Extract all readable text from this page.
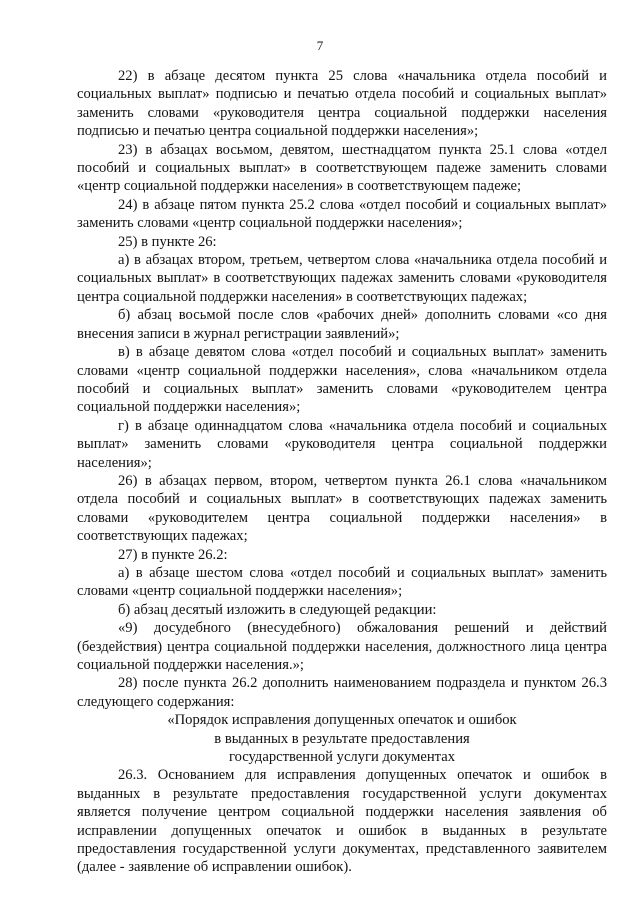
7

22) в абзаце десятом пункта 25 слова «начальника отдела пособий и социальных выплат» подписью и печатью отдела пособий и социальных выплат» заменить словами «руководителя центра социальной поддержки населения подписью и печатью центра социальной поддержки населения»;

23) в абзацах восьмом, девятом, шестнадцатом пункта 25.1 слова «отдел пособий и социальных выплат» в соответствующем падеже заменить словами «центр социальной поддержки населения» в соответствующем падеже;

24) в абзаце пятом пункта 25.2 слова «отдел пособий и социальных выплат» заменить словами «центр социальной поддержки населения»;

25) в пункте 26:

а) в абзацах втором, третьем, четвертом слова «начальника отдела пособий и социальных выплат» в соответствующих падежах заменить словами «руководителя центра социальной поддержки населения» в соответствующих падежах;

б) абзац восьмой после слов «рабочих дней» дополнить словами «со дня внесения записи в журнал регистрации заявлений»;

в) в абзаце девятом слова «отдел пособий и социальных выплат» заменить словами «центр социальной поддержки населения», слова «начальником отдела пособий и социальных выплат» заменить словами «руководителем центра социальной поддержки населения»;

г) в абзаце одиннадцатом слова «начальника отдела пособий и социальных выплат» заменить словами «руководителя центра социальной поддержки населения»;

26) в абзацах первом, втором, четвертом пункта 26.1 слова «начальником отдела пособий и социальных выплат» в соответствующих падежах заменить словами «руководителем центра социальной поддержки населения» в соответствующих падежах;

27) в пункте 26.2:

а) в абзаце шестом слова «отдел пособий и социальных выплат» заменить словами «центр социальной поддержки населения»;

б) абзац десятый изложить в следующей редакции:

«9) досудебного (внесудебного) обжалования решений и действий (бездействия) центра социальной поддержки населения, должностного лица центра социальной поддержки населения.»;

28) после пункта 26.2 дополнить наименованием подраздела и пунктом 26.3 следующего содержания:

«Порядок исправления допущенных опечаток и ошибок

в выданных в результате предоставления

государственной услуги документах

26.3. Основанием для исправления допущенных опечаток и ошибок в выданных в результате предоставления государственной услуги документах является получение центром социальной поддержки населения заявления об исправлении допущенных опечаток и ошибок в выданных в результате предоставления государственной услуги документах, представленного заявителем (далее - заявление об исправлении ошибок).
